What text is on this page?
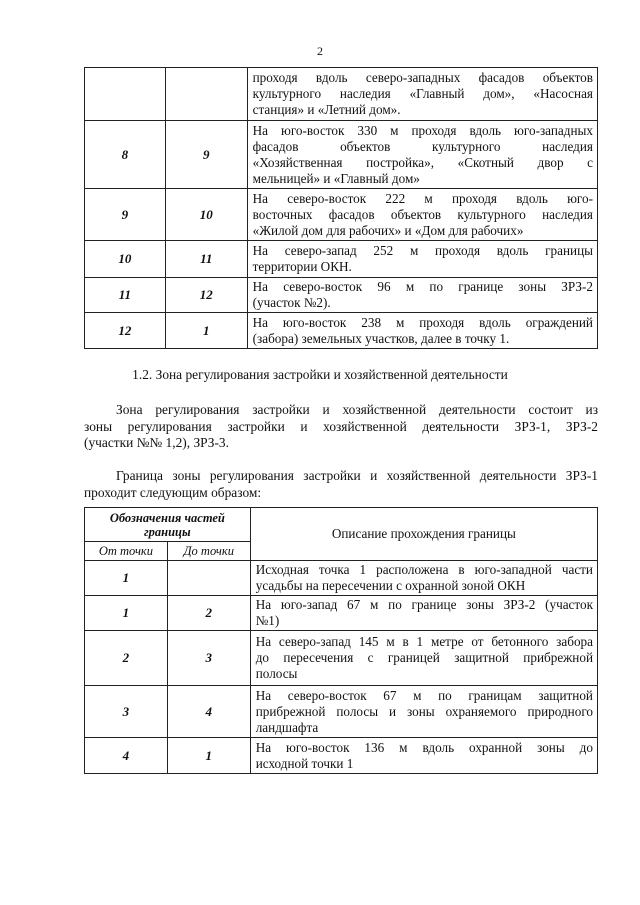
2

		проходя вдоль северо-западных фасадов объектов
культурного наследия «Главный дом», «Насосная
станция» и «Летний дом».

8	9	На юго-восток 330 м проходя вдоль юго-западных
фасадов объектов культурного наследия
«Хозяйственная постройка», «Скотный двор с
мельницей» и «Главный дом»

9	10	На северо-восток 222 м проходя вдоль юго-
восточных фасадов объектов культурного наследия
«Жилой дом для рабочих» и «Дом для рабочих»

10	11	На северо-запад 252 м проходя вдоль границы
территории ОКН.

11	12	На северо-восток 96 м по границе зоны ЗРЗ-2
(участок №2).

12	1	На юго-восток 238 м проходя вдоль ограждений
(забора) земельных участков, далее в точку 1.
1.2. Зона регулирования застройки и хозяйственной деятельности
Зона регулирования застройки и хозяйственной деятельности состоит из
зоны регулирования застройки и хозяйственной деятельности ЗРЗ-1, ЗРЗ-2
(участки №№ 1,2), ЗРЗ-3.
Граница зоны регулирования застройки и хозяйственной деятельности ЗРЗ-1
проходит следующим образом:
Обозначения частей границы		Описание прохождения границы
От точки	До точки	
1		Исходная точка 1 расположена в юго-западной части
усадьбы на пересечении с охранной зоной ОКН

1	2	На юго-запад 67 м по границе зоны ЗРЗ-2 (участок
№1)

2	3	На северо-запад 145 м в 1 метре от бетонного забора
до пересечения с границей защитной прибрежной
полосы

3	4	На северо-восток 67 м по границам защитной
прибрежной полосы и зоны охраняемого природного
ландшафта

4	1	На юго-восток 136 м вдоль охранной зоны до
исходной точки 1
